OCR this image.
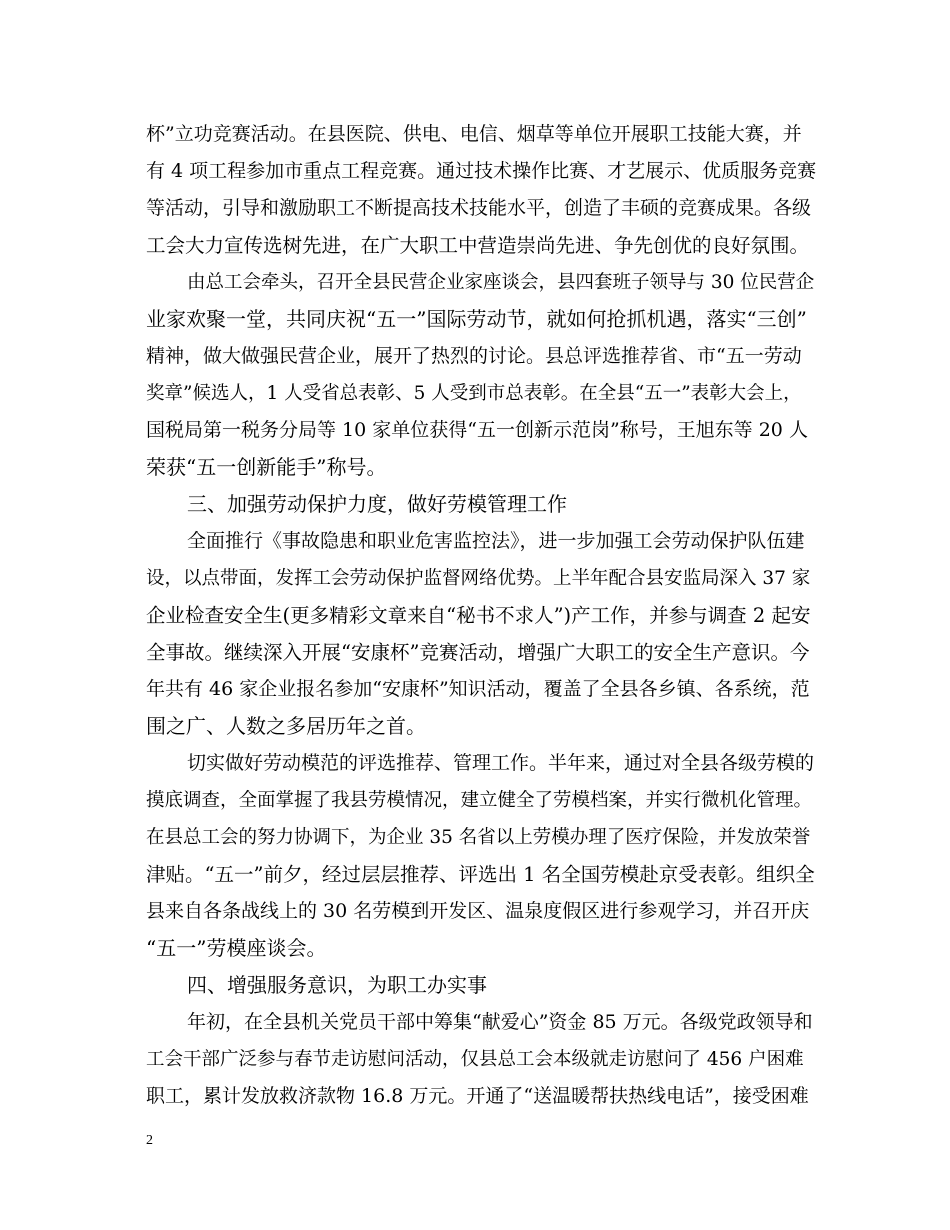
杯”立功竞赛活动。在县医院、供电、电信、烟草等单位开展职工技能大赛，并
有 4 项工程参加市重点工程竞赛。通过技术操作比赛、才艺展示、优质服务竞赛
等活动，引导和激励职工不断提高技术技能水平，创造了丰硕的竞赛成果。各级
工会大力宣传选树先进，在广大职工中营造崇尚先进、争先创优的良好氛围。
由总工会牵头，召开全县民营企业家座谈会，县四套班子领导与 30 位民营企
业家欢聚一堂，共同庆祝“五一”国际劳动节，就如何抢抓机遇，落实“三创”
精神，做大做强民营企业，展开了热烈的讨论。县总评选推荐省、市“五一劳动
奖章”候选人，1 人受省总表彰、5 人受到市总表彰。在全县“五一”表彰大会上，
国税局第一税务分局等 10 家单位获得“五一创新示范岗”称号，王旭东等 20 人
荣获“五一创新能手”称号。
三、加强劳动保护力度，做好劳模管理工作
全面推行《事故隐患和职业危害监控法》，进一步加强工会劳动保护队伍建
设，以点带面，发挥工会劳动保护监督网络优势。上半年配合县安监局深入 37 家
企业检查安全生(更多精彩文章来自“秘书不求人”)产工作，并参与调查 2 起安
全事故。继续深入开展“安康杯”竞赛活动，增强广大职工的安全生产意识。今
年共有 46 家企业报名参加“安康杯”知识活动，覆盖了全县各乡镇、各系统，范
围之广、人数之多居历年之首。
切实做好劳动模范的评选推荐、管理工作。半年来，通过对全县各级劳模的
摸底调查，全面掌握了我县劳模情况，建立健全了劳模档案，并实行微机化管理。
在县总工会的努力协调下，为企业 35 名省以上劳模办理了医疗保险，并发放荣誉
津贴。“五一”前夕，经过层层推荐、评选出 1 名全国劳模赴京受表彰。组织全
县来自各条战线上的 30 名劳模到开发区、温泉度假区进行参观学习，并召开庆
“五一”劳模座谈会。
四、增强服务意识，为职工办实事
年初，在全县机关党员干部中筹集“献爱心”资金 85 万元。各级党政领导和
工会干部广泛参与春节走访慰问活动，仅县总工会本级就走访慰问了 456 户困难
职工，累计发放救济款物 16.8 万元。开通了“送温暖帮扶热线电话”，接受困难
2
